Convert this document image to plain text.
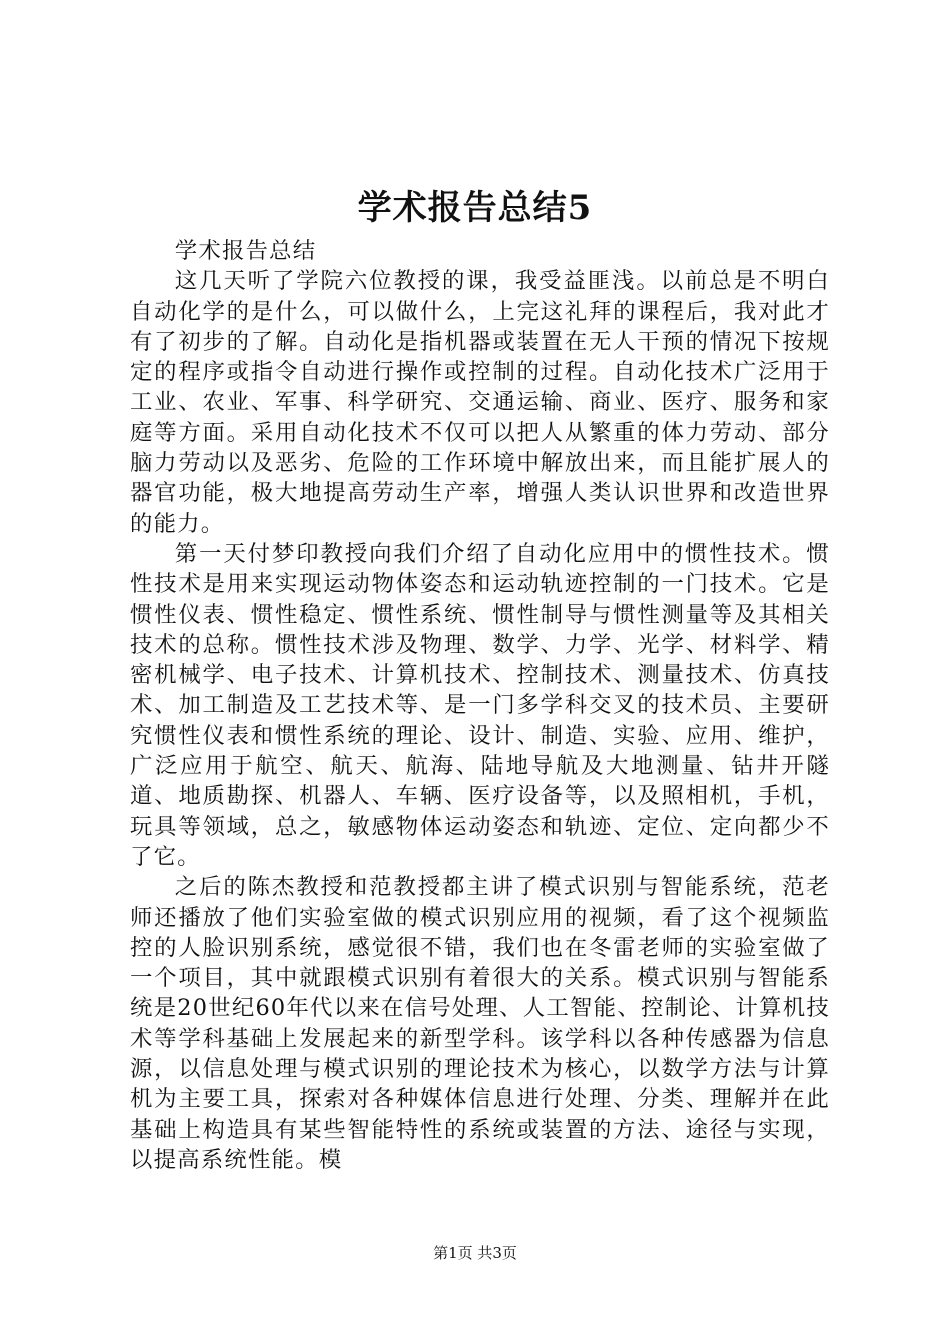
学术报告总结5

学术报告总结

这几天听了学院六位教授的课，我受益匪浅。以前总是不明白自动化学的是什么，可以做什么，上完这礼拜的课程后，我对此才有了初步的了解。自动化是指机器或装置在无人干预的情况下按规定的程序或指令自动进行操作或控制的过程。自动化技术广泛用于工业、农业、军事、科学研究、交通运输、商业、医疗、服务和家庭等方面。采用自动化技术不仅可以把人从繁重的体力劳动、部分脑力劳动以及恶劣、危险的工作环境中解放出来，而且能扩展人的器官功能，极大地提高劳动生产率，增强人类认识世界和改造世界的能力。

第一天付梦印教授向我们介绍了自动化应用中的惯性技术。惯性技术是用来实现运动物体姿态和运动轨迹控制的一门技术。它是惯性仪表、惯性稳定、惯性系统、惯性制导与惯性测量等及其相关技术的总称。惯性技术涉及物理、数学、力学、光学、材料学、精密机械学、电子技术、计算机技术、控制技术、测量技术、仿真技术、加工制造及工艺技术等、是一门多学科交叉的技术员、主要研究惯性仪表和惯性系统的理论、设计、制造、实验、应用、维护，广泛应用于航空、航天、航海、陆地导航及大地测量、钻井开隧道、地质勘探、机器人、车辆、医疗设备等，以及照相机，手机，玩具等领域，总之，敏感物体运动姿态和轨迹、定位、定向都少不了它。

之后的陈杰教授和范教授都主讲了模式识别与智能系统，范老师还播放了他们实验室做的模式识别应用的视频，看了这个视频监控的人脸识别系统，感觉很不错，我们也在冬雷老师的实验室做了一个项目，其中就跟模式识别有着很大的关系。模式识别与智能系统是20世纪60年代以来在信号处理、人工智能、控制论、计算机技术等学科基础上发展起来的新型学科。该学科以各种传感器为信息源，以信息处理与模式识别的理论技术为核心，以数学方法与计算机为主要工具，探索对各种媒体信息进行处理、分类、理解并在此基础上构造具有某些智能特性的系统或装置的方法、途径与实现，以提高系统性能。模

第1页 共3页
